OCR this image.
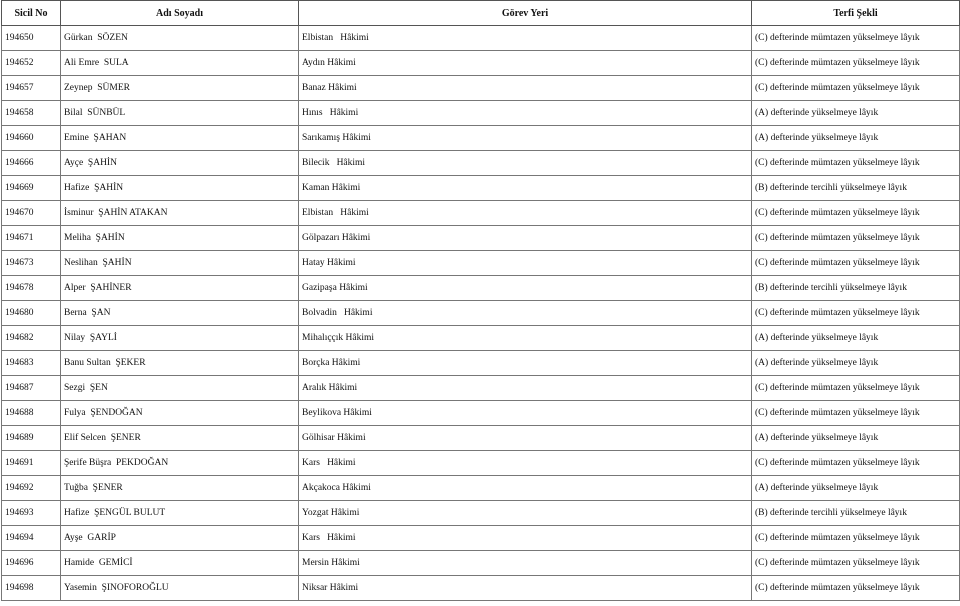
Sicil No	Adı Soyadı	Görev Yeri	Terfi Şekli
194650	Gürkan  SÖZEN	Elbistan   Hâkimi	(C) defterinde mümtazen yükselmeye lâyık
194652	Ali Emre  SULA	Aydın Hâkimi	(C) defterinde mümtazen yükselmeye lâyık
194657	Zeynep  SÜMER	Banaz Hâkimi	(C) defterinde mümtazen yükselmeye lâyık
194658	Bilal  SÜNBÜL	Hınıs   Hâkimi	(A) defterinde yükselmeye lâyık
194660	Emine  ŞAHAN	Sarıkamış Hâkimi	(A) defterinde yükselmeye lâyık
194666	Ayçe  ŞAHİN	Bilecik   Hâkimi	(C) defterinde mümtazen yükselmeye lâyık
194669	Hafize  ŞAHİN	Kaman Hâkimi	(B) defterinde tercihli yükselmeye lâyık
194670	İsminur  ŞAHİN ATAKAN	Elbistan   Hâkimi	(C) defterinde mümtazen yükselmeye lâyık
194671	Meliha  ŞAHİN	Gölpazarı Hâkimi	(C) defterinde mümtazen yükselmeye lâyık
194673	Neslihan  ŞAHİN	Hatay Hâkimi	(C) defterinde mümtazen yükselmeye lâyık
194678	Alper  ŞAHİNER	Gazipaşa Hâkimi	(B) defterinde tercihli yükselmeye lâyık
194680	Berna  ŞAN	Bolvadin   Hâkimi	(C) defterinde mümtazen yükselmeye lâyık
194682	Nilay  ŞAYLİ	Mihalıççık Hâkimi	(A) defterinde yükselmeye lâyık
194683	Banu Sultan  ŞEKER	Borçka Hâkimi	(A) defterinde yükselmeye lâyık
194687	Sezgi  ŞEN	Aralık Hâkimi	(C) defterinde mümtazen yükselmeye lâyık
194688	Fulya  ŞENDOĞAN	Beylikova Hâkimi	(C) defterinde mümtazen yükselmeye lâyık
194689	Elif Selcen  ŞENER	Gölhisar Hâkimi	(A) defterinde yükselmeye lâyık
194691	Şerife Büşra  PEKDOĞAN	Kars   Hâkimi	(C) defterinde mümtazen yükselmeye lâyık
194692	Tuğba  ŞENER	Akçakoca Hâkimi	(A) defterinde yükselmeye lâyık
194693	Hafize  ŞENGÜL BULUT	Yozgat Hâkimi	(B) defterinde tercihli yükselmeye lâyık
194694	Ayşe  GARİP	Kars   Hâkimi	(C) defterinde mümtazen yükselmeye lâyık
194696	Hamide  GEMİCİ	Mersin Hâkimi	(C) defterinde mümtazen yükselmeye lâyık
194698	Yasemin  ŞINOFOROĞLU	Niksar Hâkimi	(C) defterinde mümtazen yükselmeye lâyık
